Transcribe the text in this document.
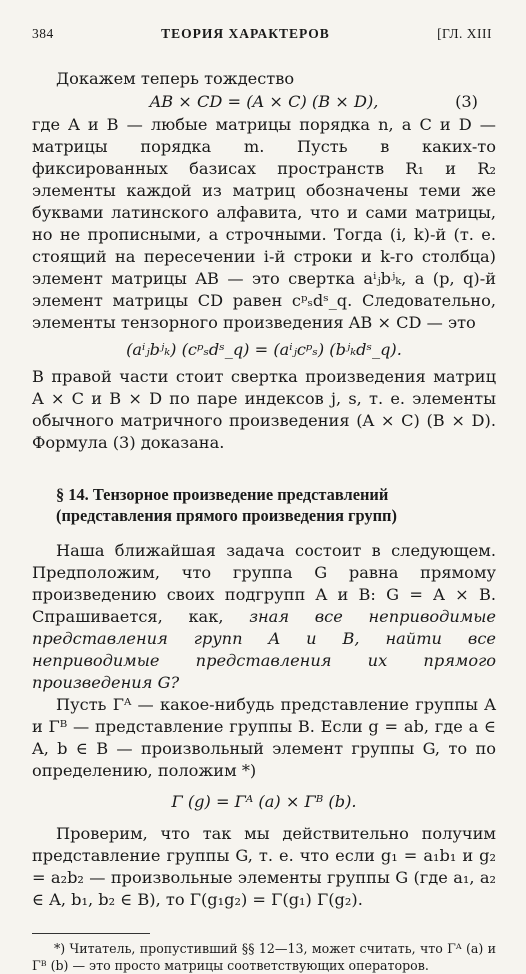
384	ТЕОРИЯ ХАРАКТЕРОВ	[ГЛ. XIII

Докажем теперь тождество

AB × CD = (A × C) (B × D),	(3)

где A и B — любые матрицы порядка n, а C и D — матрицы порядка m. Пусть в каких-то фиксированных базисах пространств R₁ и R₂ элементы каждой из матриц обозначены теми же буквами латинского алфавита, что и сами матрицы, но не прописными, а строчными. Тогда (i, k)-й (т. е. стоящий на пересечении i-й строки и k-го столбца) элемент матрицы AB — это свертка aⁱⱼbʲₖ, а (p, q)-й элемент матрицы CD равен cᵖₛdˢ_q. Следовательно, элементы тензорного произведения AB × CD — это

(aⁱⱼbʲₖ) (cᵖₛdˢ_q) = (aⁱⱼcᵖₛ) (bʲₖdˢ_q).

В правой части стоит свертка произведения матриц A × C и B × D по паре индексов j, s, т. е. элементы обычного матричного произведения (A × C) (B × D). Формула (3) доказана.

§ 14. Тензорное произведение представлений (представления прямого произведения групп)

Наша ближайшая задача состоит в следующем. Предположим, что группа G равна прямому произведению своих подгрупп A и B: G = A × B. Спрашивается, как, зная все неприводимые представления групп A и B, найти все неприводимые представления их прямого произведения G?

Пусть Γᴬ — какое-нибудь представление группы A и Γᴮ — представление группы B. Если g = ab, где a ∈ A, b ∈ B — произвольный элемент группы G, то по определению, положим *)

Γ (g) = Γᴬ (a) × Γᴮ (b).

Проверим, что так мы действительно получим представление группы G, т. е. что если g₁ = a₁b₁ и g₂ = a₂b₂ — произвольные элементы группы G (где a₁, a₂ ∈ A, b₁, b₂ ∈ B), то Γ(g₁g₂) = Γ(g₁) Γ(g₂).

*) Читатель, пропустивший §§ 12—13, может считать, что Γᴬ (a) и Γᴮ (b) — это просто матрицы соответствующих операторов.
